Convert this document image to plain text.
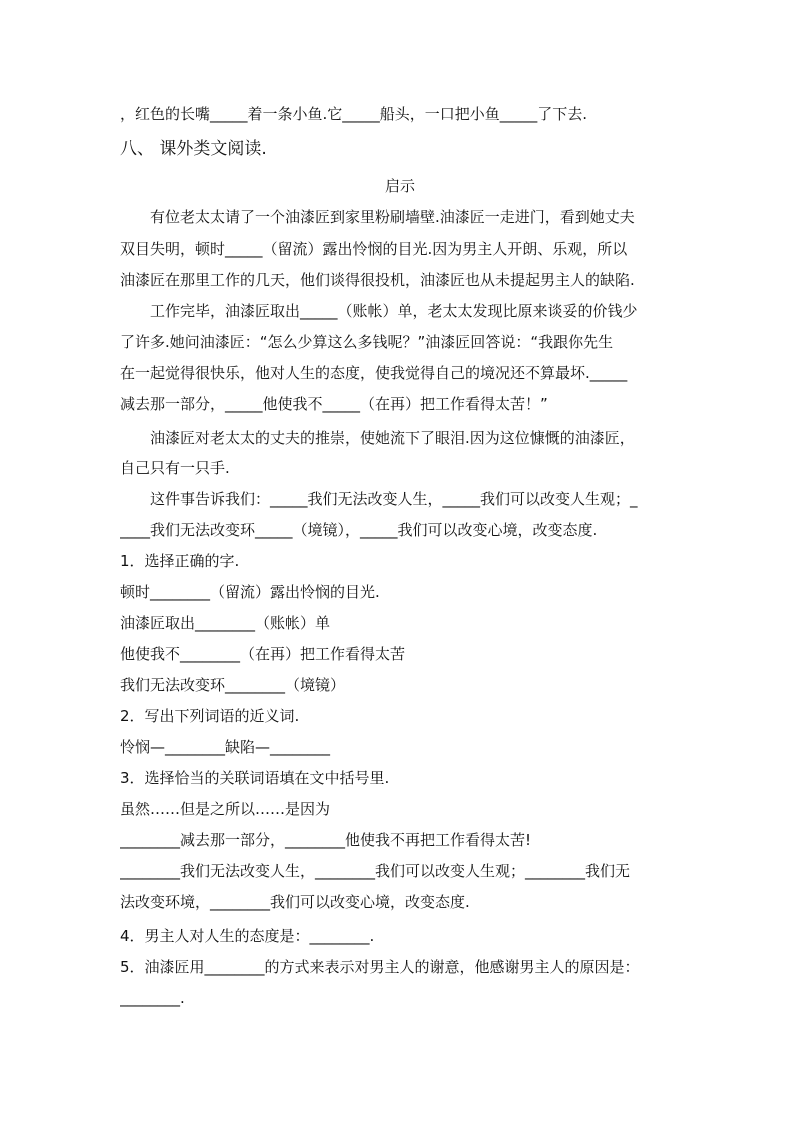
，红色的长嘴_____着一条小鱼.它_____船头，一口把小鱼_____了下去.
八、 课外类文阅读.
启示
　　有位老太太请了一个油漆匠到家里粉刷墙壁.油漆匠一走进门，看到她丈夫
双目失明，顿时_____（留流）露出怜悯的目光.因为男主人开朗、乐观，所以
油漆匠在那里工作的几天，他们谈得很投机，油漆匠也从未提起男主人的缺陷.
　　工作完毕，油漆匠取出_____（账帐）单，老太太发现比原来谈妥的价钱少
了许多.她问油漆匠：“怎么少算这么多钱呢？”油漆匠回答说：“我跟你先生
在一起觉得很快乐，他对人生的态度，使我觉得自己的境况还不算最坏._____
减去那一部分，_____他使我不_____（在再）把工作看得太苦！”
　　油漆匠对老太太的丈夫的推崇，使她流下了眼泪.因为这位慷慨的油漆匠，
自己只有一只手.
　　这件事告诉我们：_____我们无法改变人生，_____我们可以改变人生观；_
____我们无法改变环_____（境镜），_____我们可以改变心境，改变态度.
1．选择正确的字.
顿时________（留流）露出怜悯的目光.
油漆匠取出________（账帐）单
他使我不________（在再）把工作看得太苦
我们无法改变环________（境镜）
2．写出下列词语的近义词.
怜悯—________缺陷—________
3．选择恰当的关联词语填在文中括号里.
虽然……但是之所以……是因为
________减去那一部分，________他使我不再把工作看得太苦!
________我们无法改变人生，________我们可以改变人生观；________我们无
法改变环境，________我们可以改变心境，改变态度.
4．男主人对人生的态度是：________.
5．油漆匠用________的方式来表示对男主人的谢意，他感谢男主人的原因是：
________.
